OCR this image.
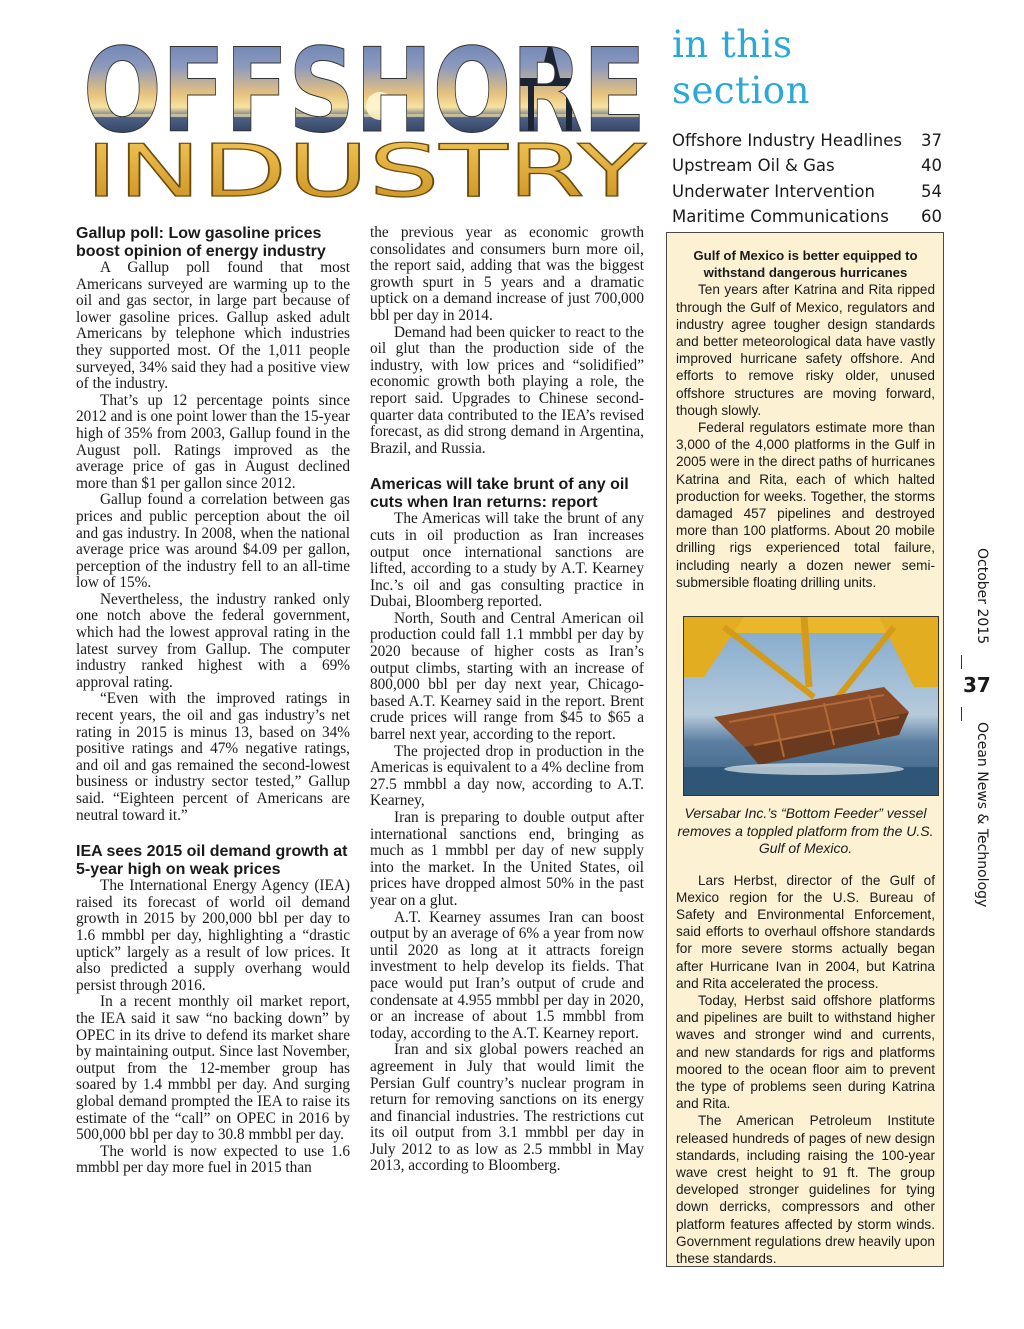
OFFSHORE
INDUSTRY
in this section
Offshore Industry Headlines 37
Upstream Oil & Gas	40
Underwater Intervention	54
Maritime Communications 60
Gallup poll: Low gasoline prices boost opinion of energy industry

A Gallup poll found that most Americans surveyed are warming up to the oil and gas sector, in large part because of lower gasoline prices. Gallup asked adult Americans by telephone which industries they supported most. Of the 1,011 people surveyed, 34% said they had a positive view of the industry.

That’s up 12 percentage points since 2012 and is one point lower than the 15-year high of 35% from 2003, Gallup found in the August poll. Ratings improved as the average price of gas in August declined more than $1 per gallon since 2012.

Gallup found a correlation between gas prices and public perception about the oil and gas industry. In 2008, when the national average price was around $4.09 per gallon, perception of the industry fell to an all-time low of 15%.

Nevertheless, the industry ranked only one notch above the federal government, which had the lowest approval rating in the latest survey from Gallup. The computer industry ranked highest with a 69% approval rating.

“Even with the improved ratings in recent years, the oil and gas industry’s net rating in 2015 is minus 13, based on 34% positive ratings and 47% negative ratings, and oil and gas remained the second-lowest business or industry sector tested,” Gallup said. “Eighteen percent of Americans are neutral toward it.”

IEA sees 2015 oil demand growth at 5-year high on weak prices

The International Energy Agency (IEA) raised its forecast of world oil demand growth in 2015 by 200,000 bbl per day to 1.6 mmbbl per day, highlighting a “drastic uptick” largely as a result of low prices. It also predicted a supply overhang would persist through 2016.

In a recent monthly oil market report, the IEA said it saw “no backing down” by OPEC in its drive to defend its market share by maintaining output. Since last November, output from the 12-member group has soared by 1.4 mmbbl per day. And surging global demand prompted the IEA to raise its estimate of the “call” on OPEC in 2016 by 500,000 bbl per day to 30.8 mmbbl per day.

The world is now expected to use 1.6 mmbbl per day more fuel in 2015 than

the previous year as economic growth consolidates and consumers burn more oil, the report said, adding that was the biggest growth spurt in 5 years and a dramatic uptick on a demand increase of just 700,000 bbl per day in 2014.

Demand had been quicker to react to the oil glut than the production side of the industry, with low prices and “solidified” economic growth both playing a role, the report said. Upgrades to Chinese second-quarter data contributed to the IEA’s revised forecast, as did strong demand in Argentina, Brazil, and Russia.

Americas will take brunt of any oil cuts when Iran returns: report

The Americas will take the brunt of any cuts in oil production as Iran increases output once international sanctions are lifted, according to a study by A.T. Kearney Inc.’s oil and gas consulting practice in Dubai, Bloomberg reported.

North, South and Central American oil production could fall 1.1 mmbbl per day by 2020 because of higher costs as Iran’s output climbs, starting with an increase of 800,000 bbl per day next year, Chicago-based A.T. Kearney said in the report. Brent crude prices will range from $45 to $65 a barrel next year, according to the report.

The projected drop in production in the Americas is equivalent to a 4% decline from 27.5 mmbbl a day now, according to A.T. Kearney,

Iran is preparing to double output after international sanctions end, bringing as much as 1 mmbbl per day of new supply into the market. In the United States, oil prices have dropped almost 50% in the past year on a glut.

A.T. Kearney assumes Iran can boost output by an average of 6% a year from now until 2020 as long at it attracts foreign investment to help develop its fields. That pace would put Iran’s output of crude and condensate at 4.955 mmbbl per day in 2020, or an increase of about 1.5 mmbbl from today, according to the A.T. Kearney report.

Iran and six global powers reached an agreement in July that would limit the Persian Gulf country’s nuclear program in return for removing sanctions on its energy and financial industries. The restrictions cut its oil output from 3.1 mmbbl per day in July 2012 to as low as 2.5 mmbbl in May 2013, according to Bloomberg.

Gulf of Mexico is better equipped to withstand dangerous hurricanes

Ten years after Katrina and Rita ripped through the Gulf of Mexico, regulators and industry agree tougher design standards and better meteorological data have vastly improved hurricane safety offshore. And efforts to remove risky older, unused offshore structures are moving forward, though slowly.

Federal regulators estimate more than 3,000 of the 4,000 platforms in the Gulf in 2005 were in the direct paths of hurricanes Katrina and Rita, each of which halted production for weeks. Together, the storms damaged 457 pipelines and destroyed more than 100 platforms. About 20 mobile drilling rigs experienced total failure, including nearly a dozen newer semi-submersible floating drilling units.

Versabar Inc.’s “Bottom Feeder” vessel removes a toppled platform from the U.S. Gulf of Mexico.

Lars Herbst, director of the Gulf of Mexico region for the U.S. Bureau of Safety and Environmental Enforcement, said efforts to overhaul offshore standards for more severe storms actually began after Hurricane Ivan in 2004, but Katrina and Rita accelerated the process.

Today, Herbst said offshore platforms and pipelines are built to withstand higher waves and stronger wind and currents, and new standards for rigs and platforms moored to the ocean floor aim to prevent the type of problems seen during Katrina and Rita.

The American Petroleum Institute released hundreds of pages of new design standards, including raising the 100-year wave crest height to 91 ft. The group developed stronger guidelines for tying down derricks, compressors and other platform features affected by storm winds. Government regulations drew heavily upon these standards.

October 2015
37
Ocean News & Technology
